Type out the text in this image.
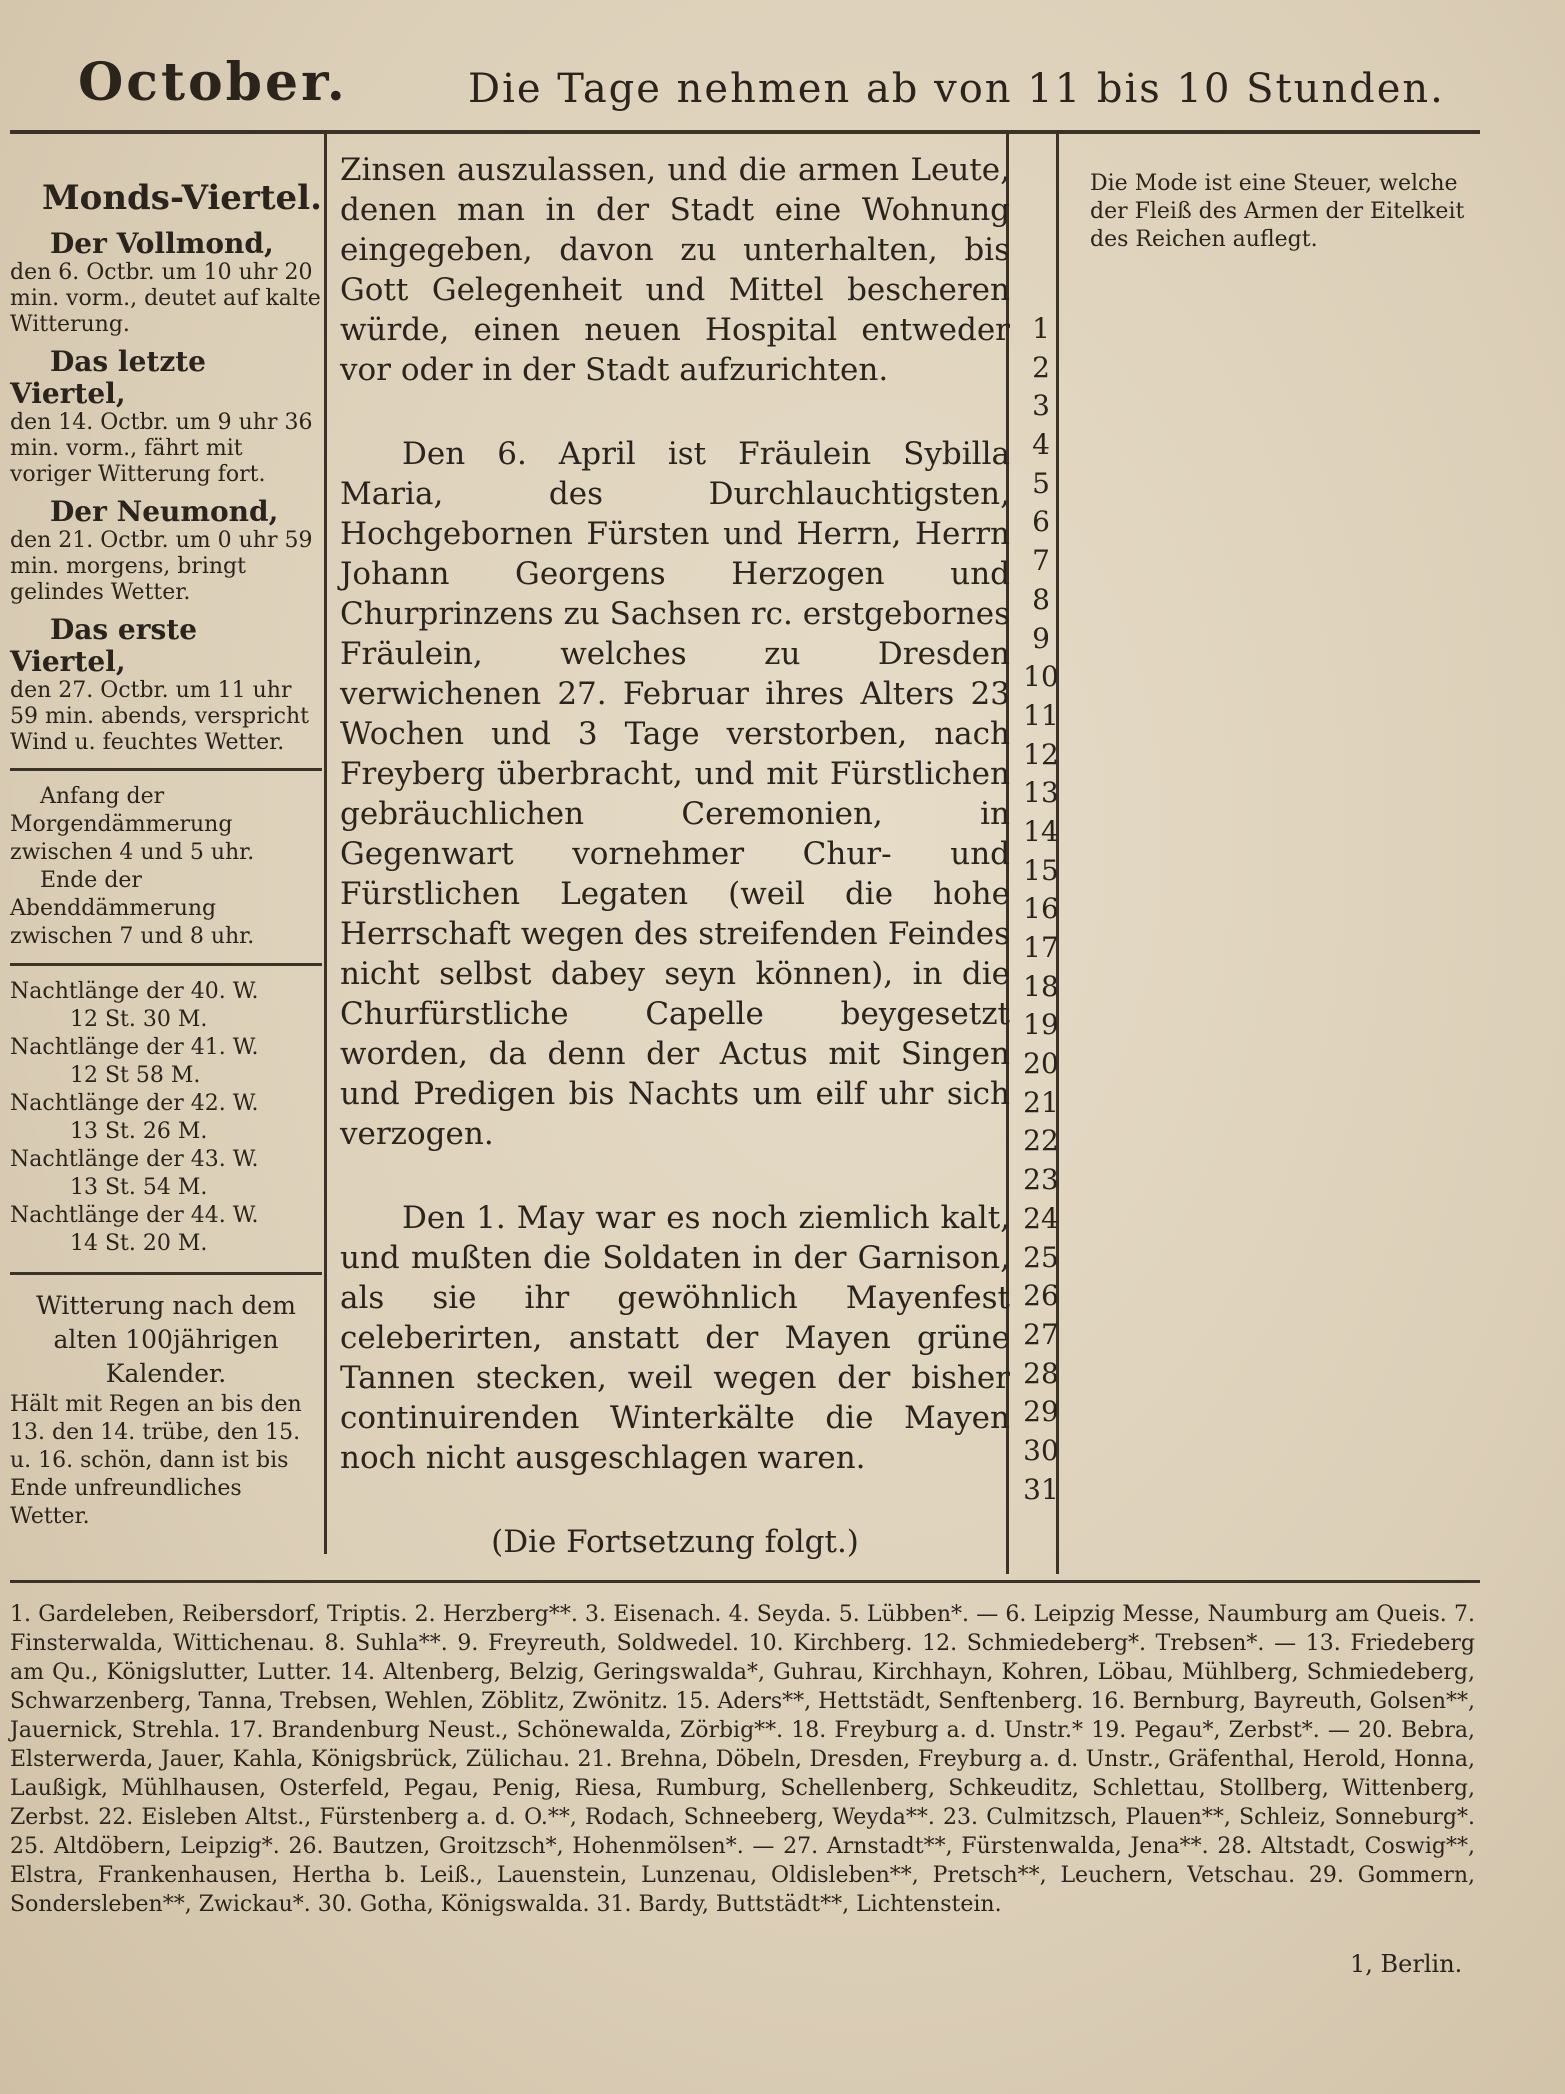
October.	Die Tage nehmen ab von 11 bis 10 Stunden.
Monds-Viertel.
Der Vollmond,
den 6. Octbr. um 10 uhr 20 min. vorm., deutet auf kalte Witterung.
Das letzte Viertel,
den 14. Octbr. um 9 uhr 36 min. vorm., fährt mit voriger Witterung fort.
Der Neumond,
den 21. Octbr. um 0 uhr 59 min. morgens, bringt gelindes Wetter.
Das erste Viertel,
den 27. Octbr. um 11 uhr 59 min. abends, verspricht Wind u. feuchtes Wetter.
Anfang der Morgendämmerung zwischen 4 und 5 uhr.
Ende der Abenddämmerung zwischen 7 und 8 uhr.
Nachtlänge der 40. W.
12 St. 30 M.
Nachtlänge der 41. W.
12 St 58 M.
Nachtlänge der 42. W.
13 St. 26 M.
Nachtlänge der 43. W.
13 St. 54 M.
Nachtlänge der 44. W.
14 St. 20 M.
Witterung nach dem alten 100jährigen Kalender.
Hält mit Regen an bis den 13. den 14. trübe, den 15. u. 16. schön, dann ist bis Ende unfreundliches Wetter.

Zinsen auszulassen, und die armen Leute, denen man in der Stadt eine Wohnung eingegeben, davon zu unterhalten, bis Gott Gelegenheit und Mittel bescheren würde, einen neuen Hospital entweder vor oder in der Stadt aufzurichten.

Den 6. April ist Fräulein Sybilla Maria, des Durchlauchtigsten, Hochgebornen Fürsten und Herrn, Herrn Johann Georgens Herzogen und Churprinzens zu Sachsen rc. erstgebornes Fräulein, welches zu Dresden verwichenen 27. Februar ihres Alters 23 Wochen und 3 Tage verstorben, nach Freyberg überbracht, und mit Fürstlichen gebräuchlichen Ceremonien, in Gegenwart vornehmer Chur- und Fürstlichen Legaten (weil die hohe Herrschaft wegen des streifenden Feindes nicht selbst dabey seyn können), in die Churfürstliche Capelle beygesetzt worden, da denn der Actus mit Singen und Predigen bis Nachts um eilf uhr sich verzogen.

Den 1. May war es noch ziemlich kalt, und mußten die Soldaten in der Garnison, als sie ihr gewöhnlich Mayenfest celeberirten, anstatt der Mayen grüne Tannen stecken, weil wegen der bisher continuirenden Winterkälte die Mayen noch nicht ausgeschlagen waren.

(Die Fortsetzung folgt.)
1
2
3
4
5
6
7
8
9
10
11
12
13
14
15
16
17
18
19
20
21
22
23
24
25
26
27
28
29
30
31
Die Mode ist eine Steuer, welche der Fleiß des Armen der Eitelkeit des Reichen auflegt.
1. Gardeleben, Reibersdorf, Triptis. 2. Herzberg**. 3. Eisenach. 4. Seyda. 5. Lübben*. — 6. Leipzig Messe, Naumburg am Queis. 7. Finsterwalda, Wittichenau. 8. Suhla**. 9. Freyreuth, Soldwedel. 10. Kirchberg. 12. Schmiedeberg*. Trebsen*. — 13. Friedeberg am Qu., Königslutter, Lutter. 14. Altenberg, Belzig, Geringswalda*, Guhrau, Kirchhayn, Kohren, Löbau, Mühlberg, Schmiedeberg, Schwarzenberg, Tanna, Trebsen, Wehlen, Zöblitz, Zwönitz. 15. Aders**, Hettstädt, Senftenberg. 16. Bernburg, Bayreuth, Golsen**, Jauernick, Strehla. 17. Brandenburg Neust., Schönewalda, Zörbig**. 18. Freyburg a. d. Unstr.* 19. Pegau*, Zerbst*. — 20. Bebra, Elsterwerda, Jauer, Kahla, Königsbrück, Zülichau. 21. Brehna, Döbeln, Dresden, Freyburg a. d. Unstr., Gräfenthal, Herold, Honna, Laußigk, Mühlhausen, Osterfeld, Pegau, Penig, Riesa, Rumburg, Schellenberg, Schkeuditz, Schlettau, Stollberg, Wittenberg, Zerbst. 22. Eisleben Altst., Fürstenberg a. d. O.**, Rodach, Schneeberg, Weyda**. 23. Culmitzsch, Plauen**, Schleiz, Sonneburg*. 25. Altdöbern, Leipzig*. 26. Bautzen, Groitzsch*, Hohenmölsen*. — 27. Arnstadt**, Fürstenwalda, Jena**. 28. Altstadt, Coswig**, Elstra, Frankenhausen, Hertha b. Leiß., Lauenstein, Lunzenau, Oldisleben**, Pretsch**, Leuchern, Vetschau. 29. Gommern, Sondersleben**, Zwickau*. 30. Gotha, Königswalda. 31. Bardy, Buttstädt**, Lichtenstein.
1, Berlin.
